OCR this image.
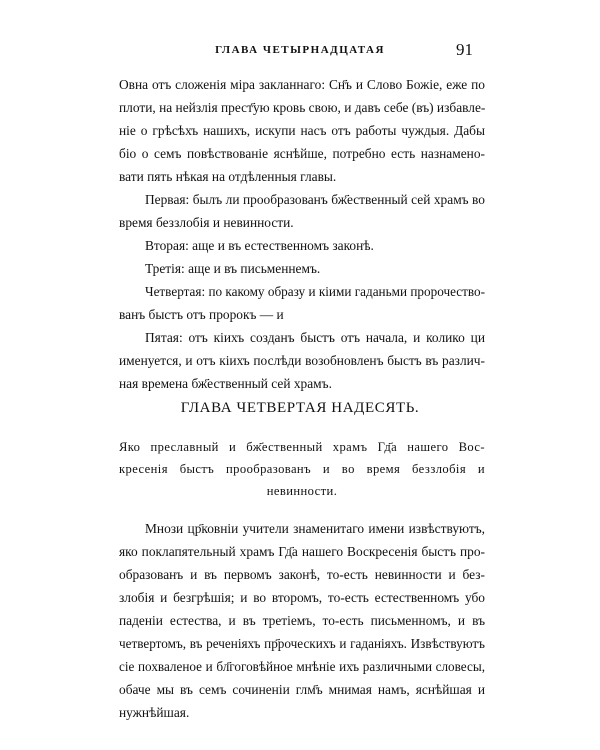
ГЛАВА ЧЕТЫРНАДЦАТАЯ	91
Овна отъ сложенія міра закланнаго: Сн҃ъ и Слово Божіе, еже по
плоти, на нейзлія прест҃ую кровь свою, и давъ себе (въ) избавле-
ніе о грѣсѣхъ нашихъ, искупи насъ отъ работы чуждыя. Дабы
біо о семъ повѣствованіе яснѣйше, потребно есть назнамено-
вати пять нѣкая на отдѣленныя главы.
Первая: былъ ли прообразованъ бж҃ественный сей храмъ во
время беззлобія и невинности.
Вторая: аще и въ естественномъ законѣ.
Третія: аще и въ письменнемъ.
Четвертая: по какому образу и кіими гаданьми пророчество-
ванъ быстъ отъ пророкъ — и
Пятая: отъ кіихъ созданъ быстъ отъ начала, и колико ци
именуется, и отъ кіихъ послѣди возобновленъ быстъ въ различ-
ная времена бж҃ественный сей храмъ.
ГЛАВА ЧЕТВЕРТАЯ НАДЕСЯТЬ.
Яко преславный и бж҃ественный храмъ Гд҃а нашего Вос-
кресенія быстъ прообразованъ и во время беззлобія и
невинности.
Мнози цр҃ковніи учители знаменитаго имени извѣствуютъ,
яко поклапятельный храмъ Гд҃а нашего Воскресенія быстъ про-
образованъ и въ первомъ законѣ, то-есть невинности и без-
злобія и безгрѣшія; и во второмъ, то-есть естественномъ убо
паденіи естества, и въ третіемъ, то-есть письменномъ, и въ
четвертомъ, въ реченіяхъ пр҃роческихъ и гаданіяхъ. Извѣствуютъ
сіе похваленое и бл҃гоговѣйное мнѣніе ихъ различными словесы,
обаче мы въ семъ сочиненіи глм҃ъ мнимая намъ, яснѣйшая и
нужнѣйшая.
